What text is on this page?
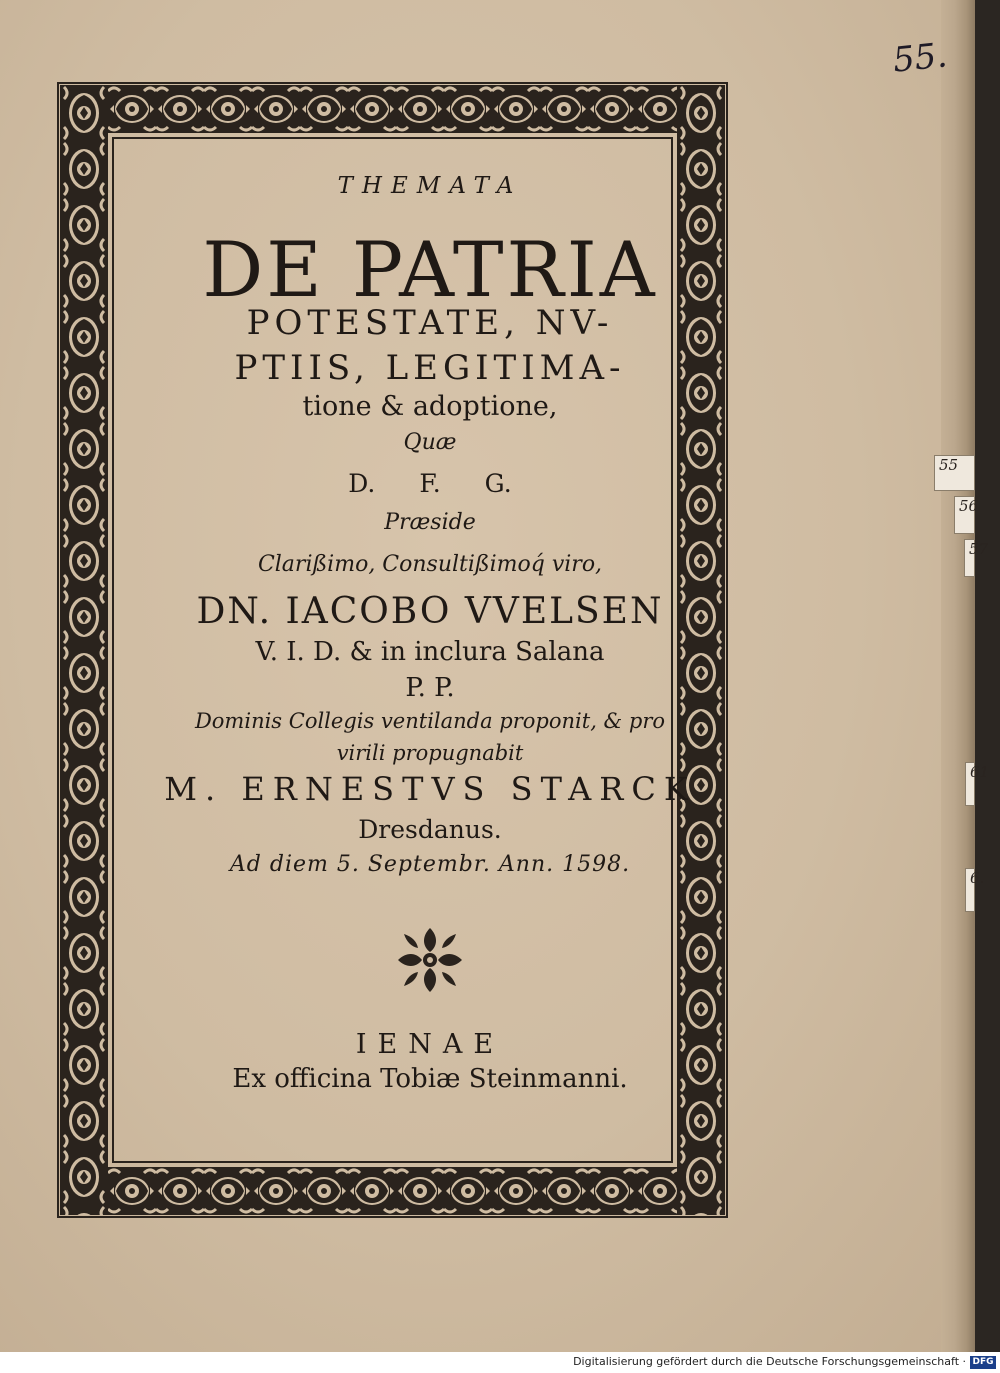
THEMATA
DE PATRIA
POTESTATE, NV-
PTIIS, LEGITIMA-
tione & adoptione,
Quæ
D. F. G.
Præside
Clarißimo, Consultißimoq́ viro,
DN. IACOBO VVELSEN
V. I. D. & in inclura Salana
P. P.
Dominis Collegis ventilanda proponit, & pro
virili propugnabit
M. ERNESTVS STARCK
Dresdanus.
Ad diem 5. Septembr. Ann. 1598.
IENAE
Ex officina Tobiæ Steinmanni.
55.
55
56
57
61
6.
Digitalisierung gefördert durch die Deutsche Forschungsgemeinschaft · DFG
